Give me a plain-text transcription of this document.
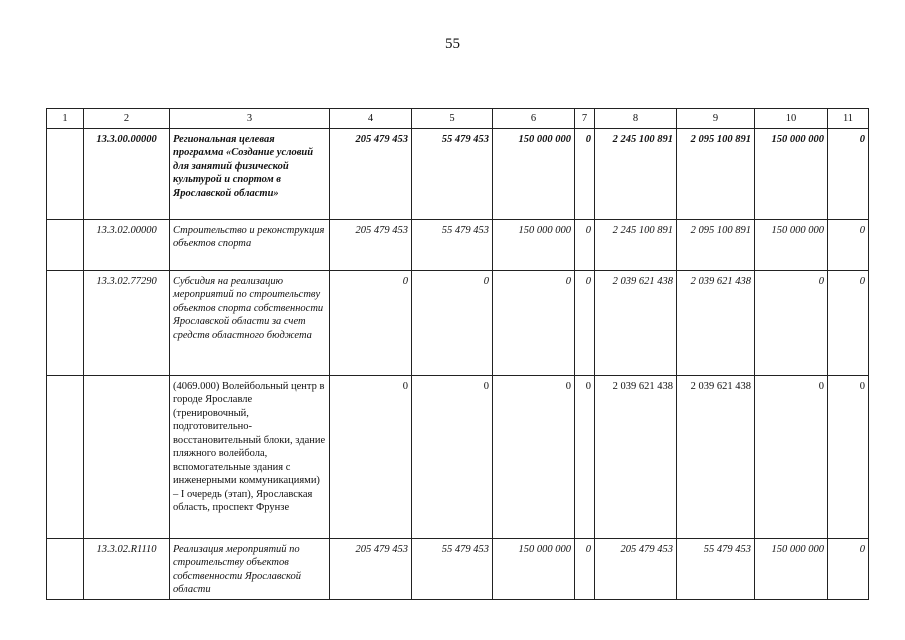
55
1	2	3	4	5	6	7	8	9	10	11
	13.3.00.00000	Региональная целевая программа «Создание условий для занятий физической культурой и спортом в Ярославской области»	205 479 453	55 479 453	150 000 000	0	2 245 100 891	2 095 100 891	150 000 000	0
	13.3.02.00000	Строительство и реконструкция объектов спорта	205 479 453	55 479 453	150 000 000	0	2 245 100 891	2 095 100 891	150 000 000	0
	13.3.02.77290	Субсидия на реализацию мероприятий по строительству объектов спорта собственности Ярославской области за счет средств областного бюджета	0	0	0	0	2 039 621 438	2 039 621 438	0	0
		(4069.000) Волейбольный центр в городе Ярославле (тренировочный, подготовительно-восстановительный блоки, здание пляжного волейбола, вспомогательные здания с инженерными коммуникациями) – I очередь (этап), Ярославская область, проспект Фрунзе	0	0	0	0	2 039 621 438	2 039 621 438	0	0
	13.3.02.R1110	Реализация мероприятий по строительству объектов собственности Ярославской области	205 479 453	55 479 453	150 000 000	0	205 479 453	55 479 453	150 000 000	0
